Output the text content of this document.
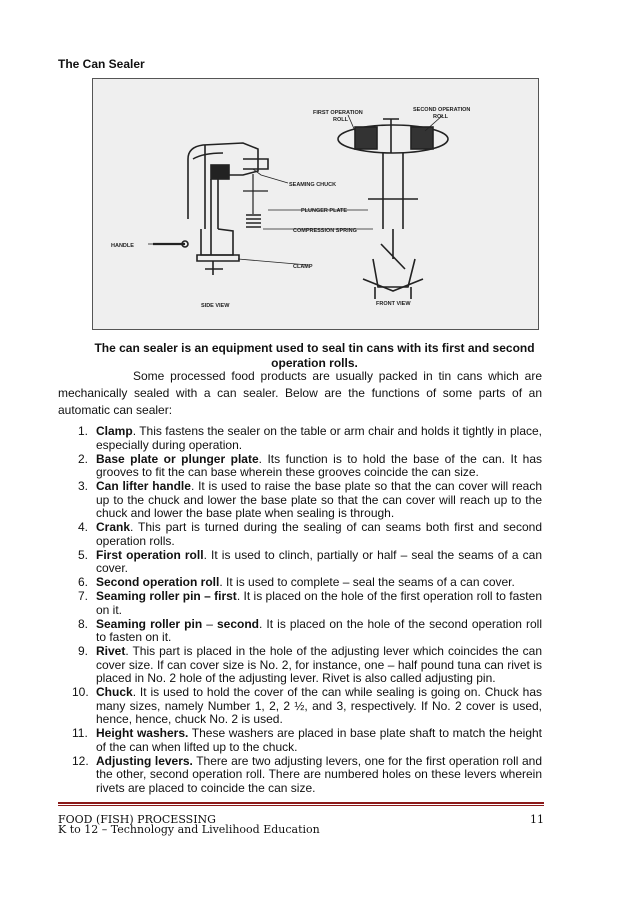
The Can Sealer
FIRST OPERATION
ROLL
SECOND OPERATION
ROLL
SEAMING CHUCK
PLUNGER PLATE
COMPRESSION SPRING
HANDLE
CLAMP
SIDE VIEW	FRONT VIEW
The can sealer is an equipment used to seal tin cans with its first and second
operation rolls.
Some processed food products are usually packed in tin cans which are mechanically sealed with a can sealer. Below are the functions of some parts of an automatic can sealer:
1. Clamp. This fastens the sealer on the table or arm chair and holds it tightly in place, especially during operation.
2. Base plate or plunger plate. Its function is to hold the base of the can. It has grooves to fit the can base wherein these grooves coincide the can size.
3. Can lifter handle. It is used to raise the base plate so that the can cover will reach up to the chuck and lower the base plate so that the can cover will reach up to the chuck and lower the base plate when sealing is through.
4. Crank. This part is turned during the sealing of can seams both first and second operation rolls.
5. First operation roll. It is used to clinch, partially or half – seal the seams of a can cover.
6. Second operation roll. It is used to complete – seal the seams of a can cover.
7. Seaming roller pin – first. It is placed on the hole of the first operation roll to fasten on it.
8. Seaming roller pin – second. It is placed on the hole of the second operation roll to fasten on it.
9. Rivet. This part is placed in the hole of the adjusting lever which coincides the can cover size. If can cover size is No. 2, for instance, one – half pound tuna can rivet is placed in No. 2 hole of the adjusting lever. Rivet is also called adjusting pin.
10. Chuck. It is used to hold the cover of the can while sealing is going on. Chuck has many sizes, namely Number 1, 2, 2 ½, and 3, respectively. If No. 2 cover is used, hence, hence, chuck No. 2 is used.
11. Height washers. These washers are placed in base plate shaft to match the height of the can when lifted up to the chuck.
12. Adjusting levers. There are two adjusting levers, one for the first operation roll and the other, second operation roll. There are numbered holes on these levers wherein rivets are placed to coincide the can size.
FOOD (FISH) PROCESSING
K to 12 – Technology and Livelihood Education
11
